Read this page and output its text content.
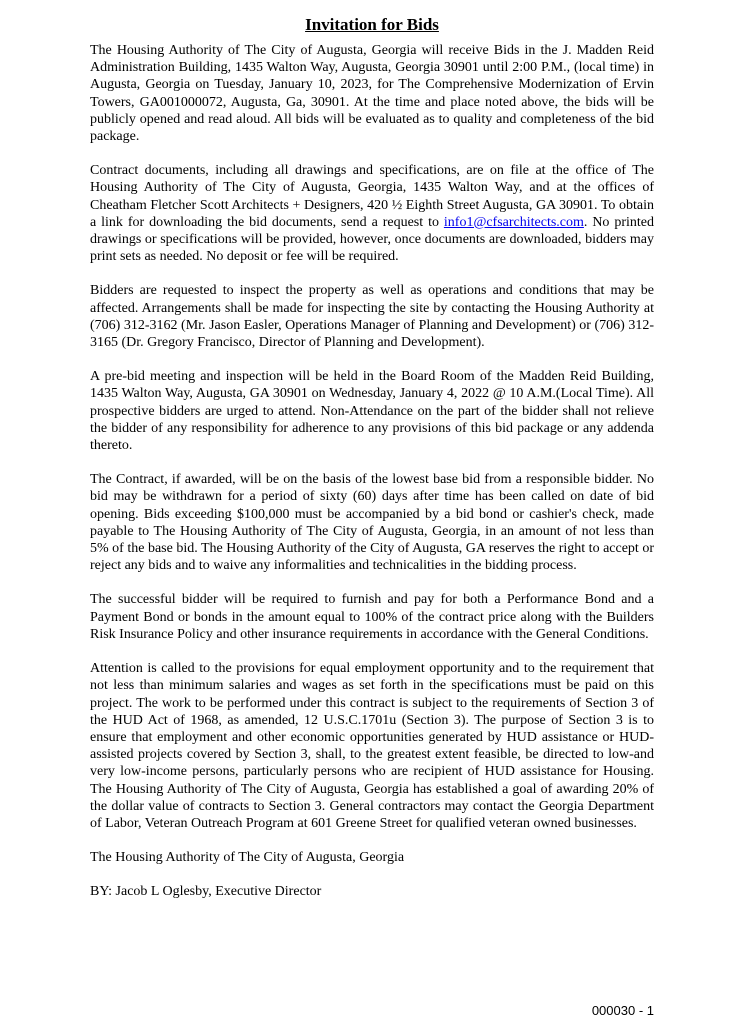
Invitation for Bids

The Housing Authority of The City of Augusta, Georgia will receive Bids in the J. Madden Reid Administration Building, 1435 Walton Way, Augusta, Georgia 30901 until 2:00 P.M., (local time) in Augusta, Georgia on Tuesday, January 10, 2023, for The Comprehensive Modernization of Ervin Towers, GA001000072, Augusta, Ga, 30901. At the time and place noted above, the bids will be publicly opened and read aloud. All bids will be evaluated as to quality and completeness of the bid package.

Contract documents, including all drawings and specifications, are on file at the office of The Housing Authority of The City of Augusta, Georgia, 1435 Walton Way, and at the offices of Cheatham Fletcher Scott Architects + Designers, 420 ½ Eighth Street Augusta, GA 30901. To obtain a link for downloading the bid documents, send a request to info1@cfsarchitects.com. No printed drawings or specifications will be provided, however, once documents are downloaded, bidders may print sets as needed. No deposit or fee will be required.

Bidders are requested to inspect the property as well as operations and conditions that may be affected. Arrangements shall be made for inspecting the site by contacting the Housing Authority at (706) 312-3162 (Mr. Jason Easler, Operations Manager of Planning and Development) or (706) 312-3165 (Dr. Gregory Francisco, Director of Planning and Development).

A pre-bid meeting and inspection will be held in the Board Room of the Madden Reid Building, 1435 Walton Way, Augusta, GA 30901 on Wednesday, January 4, 2022 @ 10 A.M.(Local Time). All prospective bidders are urged to attend. Non-Attendance on the part of the bidder shall not relieve the bidder of any responsibility for adherence to any provisions of this bid package or any addenda thereto.

The Contract, if awarded, will be on the basis of the lowest base bid from a responsible bidder. No bid may be withdrawn for a period of sixty (60) days after time has been called on date of bid opening. Bids exceeding $100,000 must be accompanied by a bid bond or cashier's check, made payable to The Housing Authority of The City of Augusta, Georgia, in an amount of not less than 5% of the base bid. The Housing Authority of the City of Augusta, GA reserves the right to accept or reject any bids and to waive any informalities and technicalities in the bidding process.

The successful bidder will be required to furnish and pay for both a Performance Bond and a Payment Bond or bonds in the amount equal to 100% of the contract price along with the Builders Risk Insurance Policy and other insurance requirements in accordance with the General Conditions.

Attention is called to the provisions for equal employment opportunity and to the requirement that not less than minimum salaries and wages as set forth in the specifications must be paid on this project. The work to be performed under this contract is subject to the requirements of Section 3 of the HUD Act of 1968, as amended, 12 U.S.C.1701u (Section 3). The purpose of Section 3 is to ensure that employment and other economic opportunities generated by HUD assistance or HUD-assisted projects covered by Section 3, shall, to the greatest extent feasible, be directed to low-and very low-income persons, particularly persons who are recipient of HUD assistance for Housing. The Housing Authority of The City of Augusta, Georgia has established a goal of awarding 20% of the dollar value of contracts to Section 3. General contractors may contact the Georgia Department of Labor, Veteran Outreach Program at 601 Greene Street for qualified veteran owned businesses.

The Housing Authority of The City of Augusta, Georgia

BY: Jacob L Oglesby, Executive Director

000030 - 1
